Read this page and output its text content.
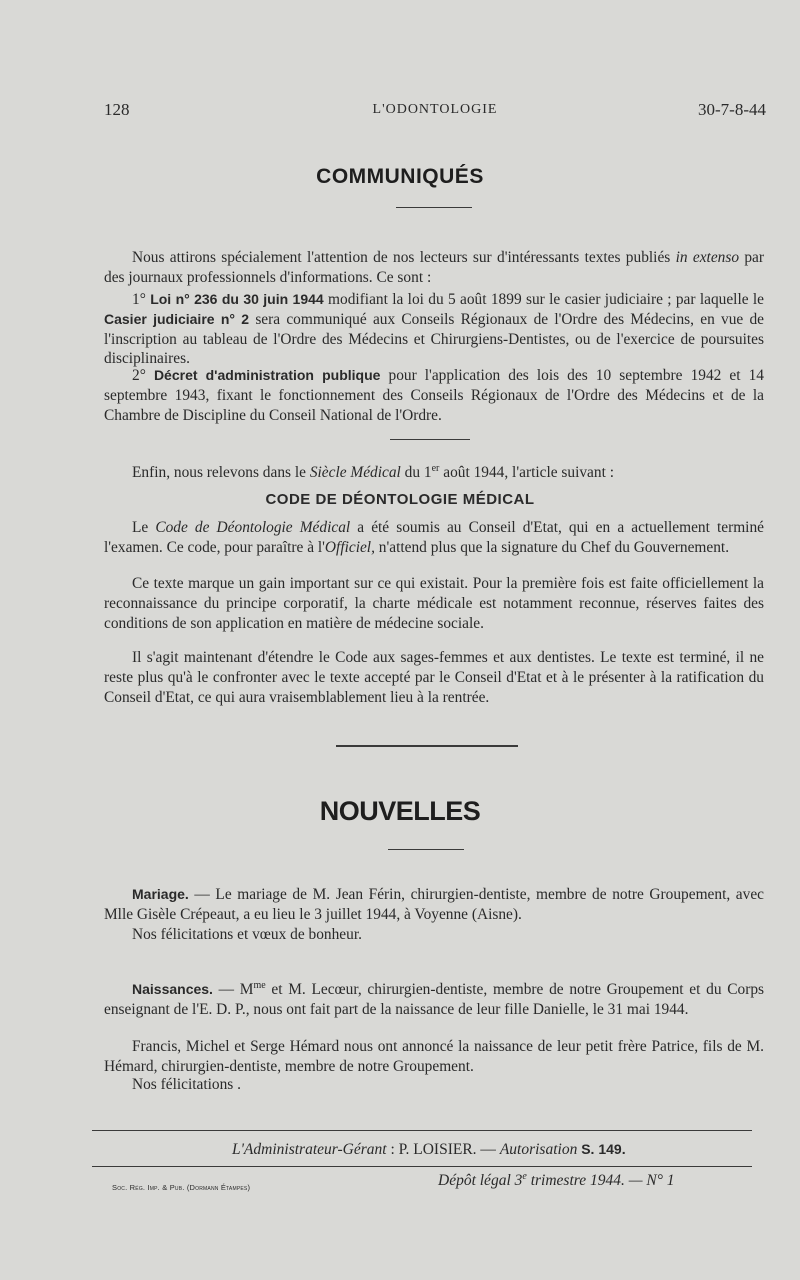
128	L'ODONTOLOGIE	30-7-8-44
COMMUNIQUÉS
Nous attirons spécialement l'attention de nos lecteurs sur d'intéressants textes publiés in extenso par des journaux professionnels d'informations. Ce sont :
1° Loi n° 236 du 30 juin 1944 modifiant la loi du 5 août 1899 sur le casier judiciaire ; par laquelle le Casier judiciaire n° 2 sera communiqué aux Conseils Régionaux de l'Ordre des Médecins, en vue de l'inscription au tableau de l'Ordre des Médecins et Chirurgiens-Dentistes, ou de l'exercice de poursuites disciplinaires.
2° Décret d'administration publique pour l'application des lois des 10 septembre 1942 et 14 septembre 1943, fixant le fonctionnement des Conseils Régionaux de l'Ordre des Médecins et de la Chambre de Discipline du Conseil National de l'Ordre.
Enfin, nous relevons dans le Siècle Médical du 1er août 1944, l'article suivant :
CODE DE DÉONTOLOGIE MÉDICAL
Le Code de Déontologie Médical a été soumis au Conseil d'Etat, qui en a actuellement terminé l'examen. Ce code, pour paraître à l'Officiel, n'attend plus que la signature du Chef du Gouvernement.
Ce texte marque un gain important sur ce qui existait. Pour la première fois est faite officiellement la reconnaissance du principe corporatif, la charte médicale est notamment reconnue, réserves faites des conditions de son application en matière de médecine sociale.
Il s'agit maintenant d'étendre le Code aux sages-femmes et aux dentistes. Le texte est terminé, il ne reste plus qu'à le confronter avec le texte accepté par le Conseil d'Etat et à le présenter à la ratification du Conseil d'Etat, ce qui aura vraisemblablement lieu à la rentrée.
NOUVELLES
Mariage. — Le mariage de M. Jean Férin, chirurgien-dentiste, membre de notre Groupement, avec Mlle Gisèle Crépeaut, a eu lieu le 3 juillet 1944, à Voyenne (Aisne).
Nos félicitations et vœux de bonheur.
Naissances. — $M^{me}$ et M. Lecœur, chirurgien-dentiste, membre de notre Groupement et du Corps enseignant de l'E. D. P., nous ont fait part de la naissance de leur fille Danielle, le 31 mai 1944.
Francis, Michel et Serge Hémard nous ont annoncé la naissance de leur petit frère Patrice, fils de M. Hémard, chirurgien-dentiste, membre de notre Groupement.
Nos félicitations .
L'Administrateur-Gérant : P. LOISIER. — Autorisation S. 149.
Soc. Rég. Imp. & Pub. (Dormann Étampes)	Dépôt légal 3e trimestre 1944. — N° 1
